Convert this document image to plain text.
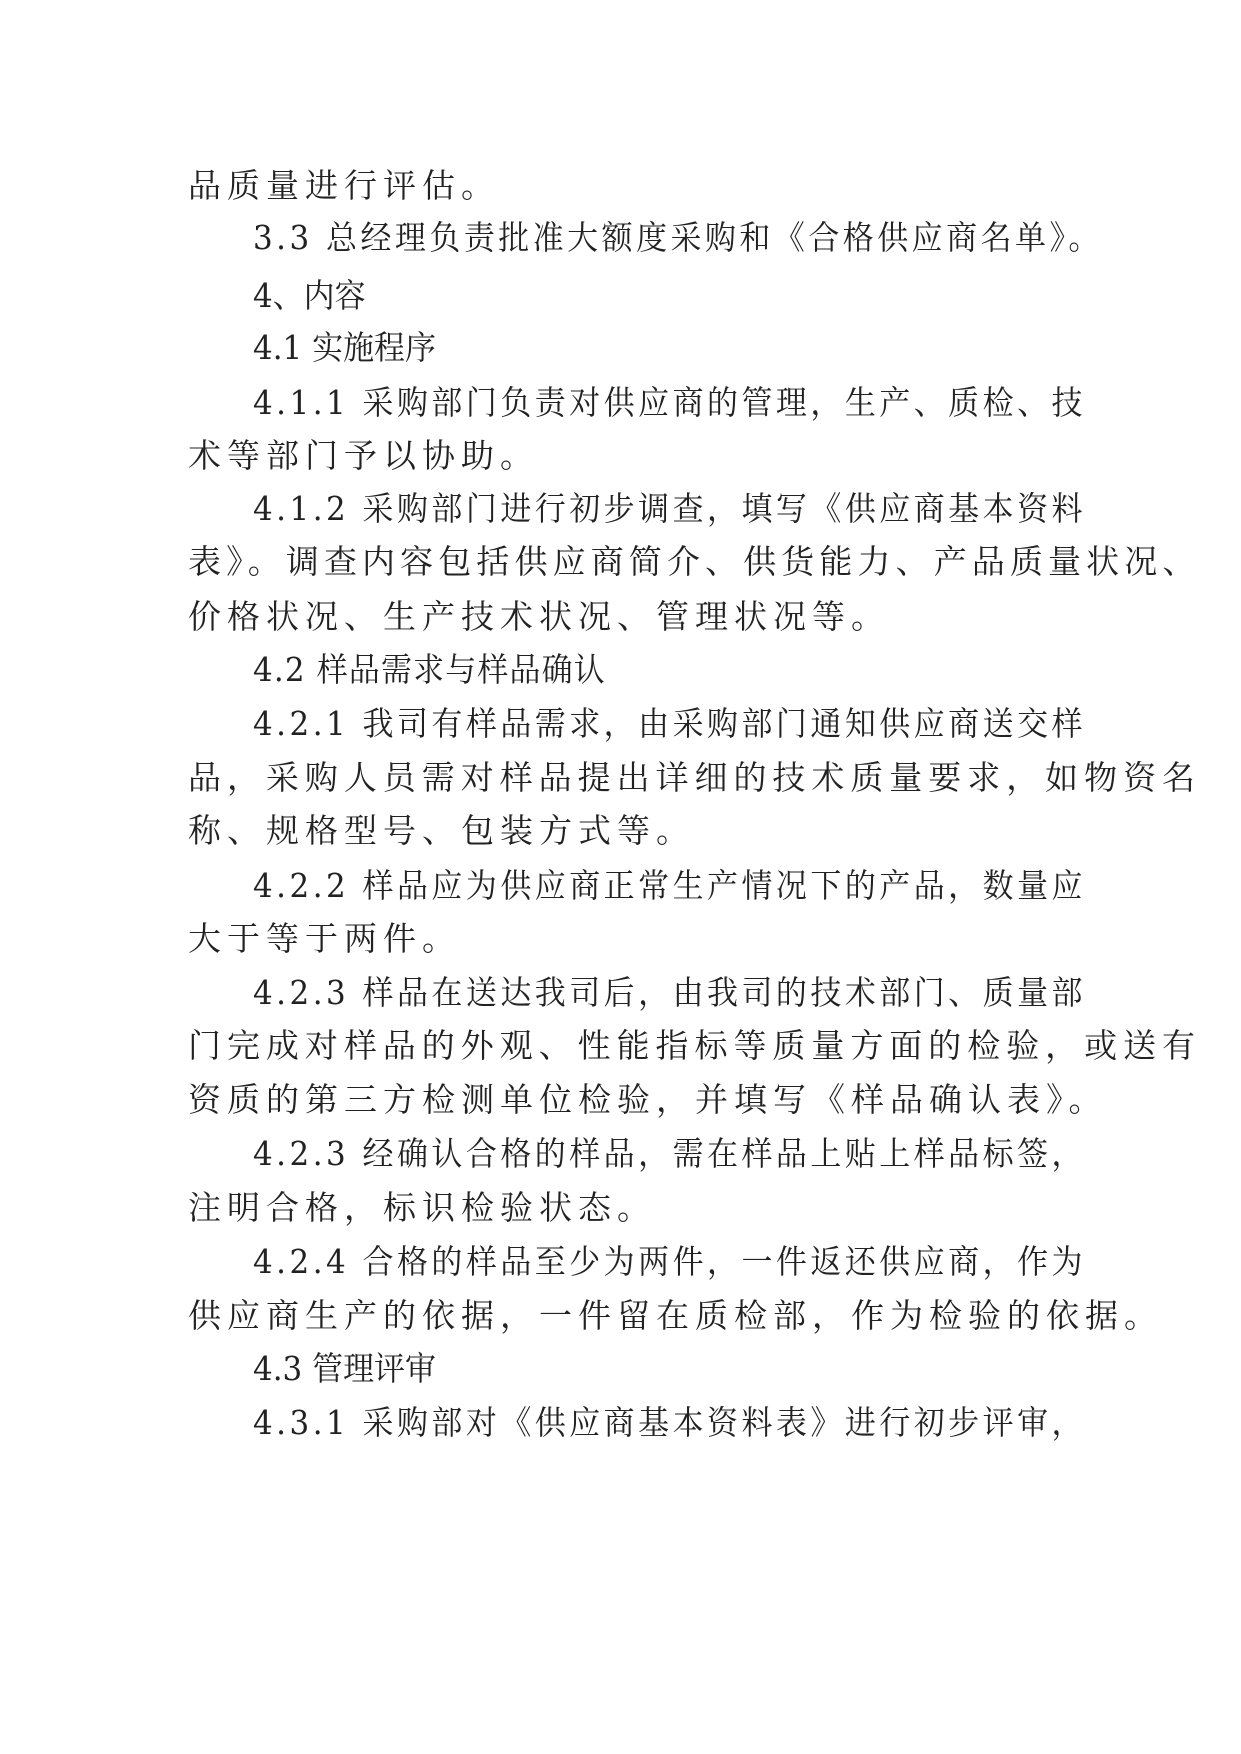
品质量进行评估。
3.3 总经理负责批准大额度采购和《合格供应商名单》。
4、内容
4.1 实施程序
4.1.1 采购部门负责对供应商的管理，生产、质检、技
术等部门予以协助。
4.1.2 采购部门进行初步调查，填写《供应商基本资料
表》。调查内容包括供应商简介、供货能力、产品质量状况、
价格状况、生产技术状况、管理状况等。
4.2 样品需求与样品确认
4.2.1 我司有样品需求，由采购部门通知供应商送交样
品，采购人员需对样品提出详细的技术质量要求，如物资名
称、规格型号、包装方式等。
4.2.2 样品应为供应商正常生产情况下的产品，数量应
大于等于两件。
4.2.3 样品在送达我司后，由我司的技术部门、质量部
门完成对样品的外观、性能指标等质量方面的检验，或送有
资质的第三方检测单位检验，并填写《样品确认表》。
4.2.3 经确认合格的样品，需在样品上贴上样品标签，
注明合格，标识检验状态。
4.2.4 合格的样品至少为两件，一件返还供应商，作为
供应商生产的依据，一件留在质检部，作为检验的依据。
4.3 管理评审
4.3.1 采购部对《供应商基本资料表》进行初步评审，
